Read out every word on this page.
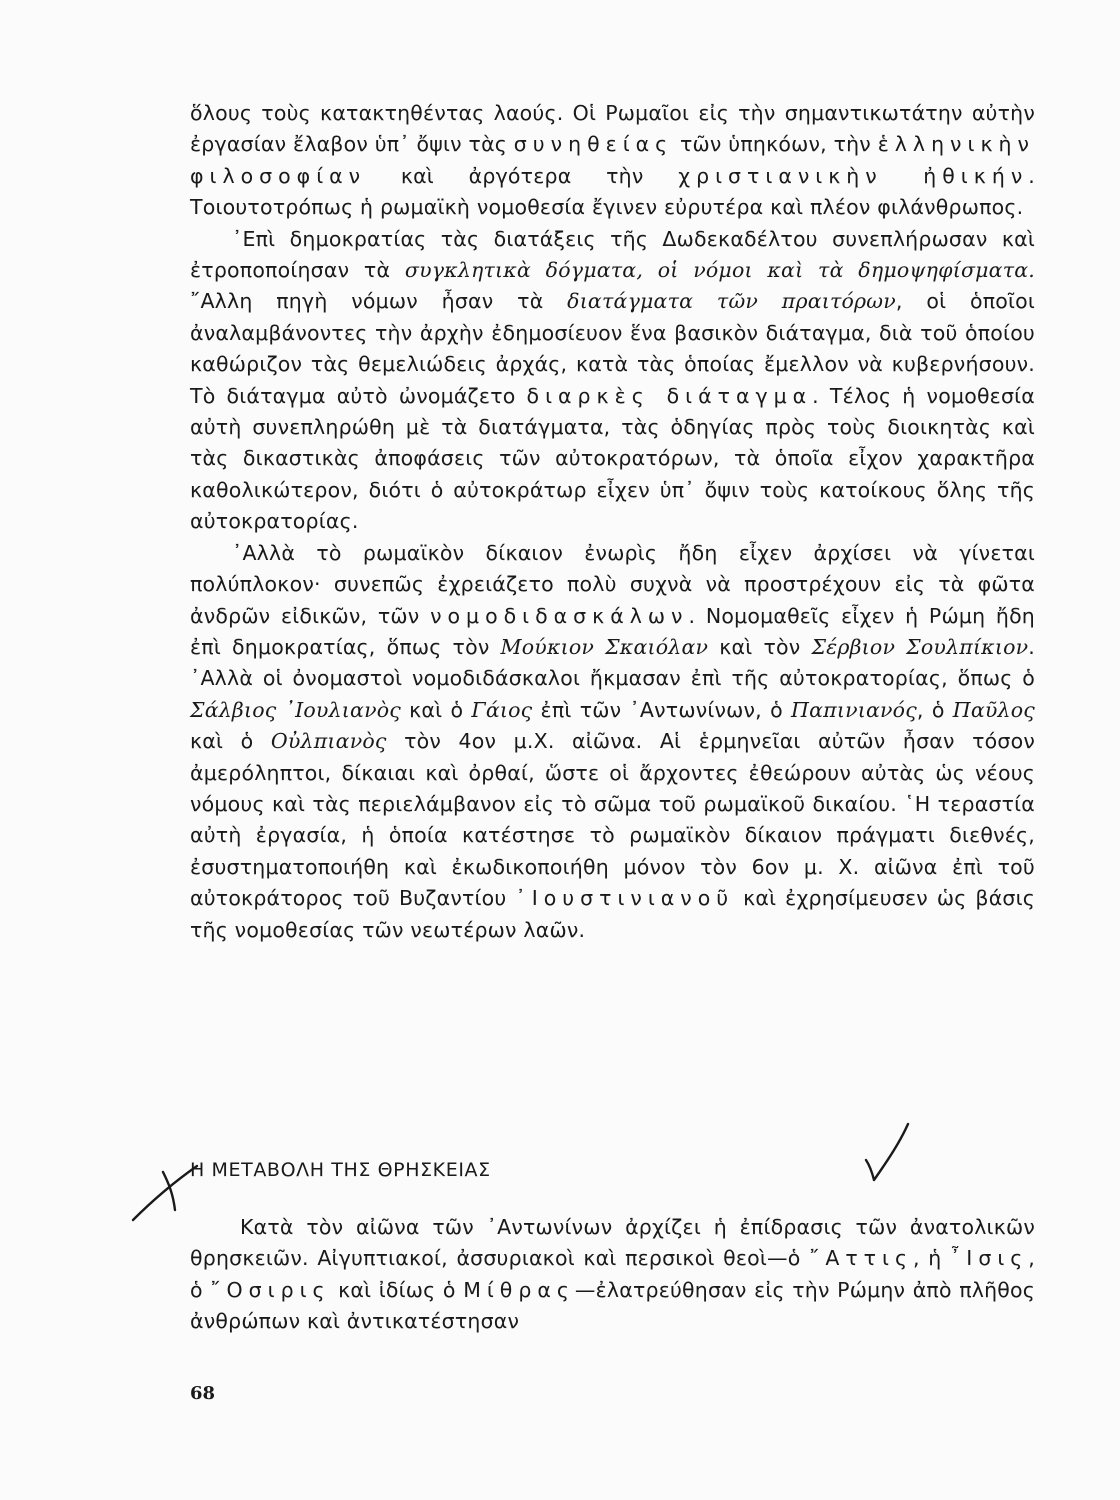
ὅλους τοὺς κατακτηθέντας λαούς. Οἱ Ρωμαῖοι εἰς τὴν σημαντικωτάτην αὐτὴν ἐργασίαν ἔλαβον ὑπ᾽ ὄψιν τὰς συνηθείας τῶν ὑπηκόων, τὴν ἑλληνικὴν φιλοσοφίαν καὶ ἀργότερα τὴν χριστιανικὴν ἠθικήν. Τοιουτοτρόπως ἡ ρωμαϊκὴ νομοθεσία ἔγινεν εὐρυτέρα καὶ πλέον φιλάνθρωπος.

᾽Επὶ δημοκρατίας τὰς διατάξεις τῆς Δωδεκαδέλτου συνεπλήρωσαν καὶ ἐτροποποίησαν τὰ συγκλητικὰ δόγματα, οἱ νόμοι καὶ τὰ δημοψηφίσματα. ῎Αλλη πηγὴ νόμων ἦσαν τὰ διατάγματα τῶν πραιτόρων, οἱ ὁποῖοι ἀναλαμβάνοντες τὴν ἀρχὴν ἐδημοσίευον ἕνα βασικὸν διάταγμα, διὰ τοῦ ὁποίου καθώριζον τὰς θεμελιώδεις ἀρχάς, κατὰ τὰς ὁποίας ἔμελλον νὰ κυβερνήσουν. Τὸ διάταγμα αὐτὸ ὠνομάζετο διαρκὲς διάταγμα. Τέλος ἡ νομοθεσία αὐτὴ συνεπληρώθη μὲ τὰ διατάγματα, τὰς ὁδηγίας πρὸς τοὺς διοικητὰς καὶ τὰς δικαστικὰς ἀποφάσεις τῶν αὐτοκρατόρων, τὰ ὁποῖα εἶχον χαρακτῆρα καθολικώτερον, διότι ὁ αὐτοκράτωρ εἶχεν ὑπ᾽ ὄψιν τοὺς κατοίκους ὅλης τῆς αὐτοκρατορίας.

᾽Αλλὰ τὸ ρωμαϊκὸν δίκαιον ἐνωρὶς ἤδη εἶχεν ἀρχίσει νὰ γίνεται πολύπλοκον· συνεπῶς ἐχρειάζετο πολὺ συχνὰ νὰ προστρέχουν εἰς τὰ φῶτα ἀνδρῶν εἰδικῶν, τῶν νομοδιδασκάλων. Νομομαθεῖς εἶχεν ἡ Ρώμη ἤδη ἐπὶ δημοκρατίας, ὅπως τὸν Μούκιον Σκαιόλαν καὶ τὸν Σέρβιον Σουλπίκιον. ᾽Αλλὰ οἱ ὀνομαστοὶ νομοδιδάσκαλοι ἤκμασαν ἐπὶ τῆς αὐτοκρατορίας, ὅπως ὁ Σάλβιος ᾽Ιουλιανὸς καὶ ὁ Γάιος ἐπὶ τῶν ᾽Αντωνίνων, ὁ Παπινιανός, ὁ Παῦλος καὶ ὁ Οὐλπιανὸς τὸν 4ον μ.Χ. αἰῶνα. Αἱ ἑρμηνεῖαι αὐτῶν ἦσαν τόσον ἀμερόληπτοι, δίκαιαι καὶ ὀρθαί, ὥστε οἱ ἄρχοντες ἐθεώρουν αὐτὰς ὡς νέους νόμους καὶ τὰς περιελάμβανον εἰς τὸ σῶμα τοῦ ρωμαϊκοῦ δικαίου. ῾Η τεραστία αὐτὴ ἐργασία, ἡ ὁποία κατέστησε τὸ ρωμαϊκὸν δίκαιον πράγματι διεθνές, ἐσυστηματοποιήθη καὶ ἐκωδικοποιήθη μόνον τὸν 6ον μ. Χ. αἰῶνα ἐπὶ τοῦ αὐτοκράτορος τοῦ Βυζαντίου ᾽Ιουστινιανοῦ καὶ ἐχρησίμευσεν ὡς βάσις τῆς νομοθεσίας τῶν νεωτέρων λαῶν.

Η ΜΕΤΑΒΟΛΗ ΤΗΣ ΘΡΗΣΚΕΙΑΣ

Κατὰ τὸν αἰῶνα τῶν ᾽Αντωνίνων ἀρχίζει ἡ ἐπίδρασις τῶν ἀνατολικῶν θρησκειῶν. Αἰγυπτιακοί, ἀσσυριακοὶ καὶ περσικοὶ θεοὶ—ὁ ῎Αττις, ἡ ῏Ισις, ὁ ῎Οσιρις καὶ ἰδίως ὁ Μίθρας—ἐλατρεύθησαν εἰς τὴν Ρώμην ἀπὸ πλῆθος ἀνθρώπων καὶ ἀντικατέστησαν

68
